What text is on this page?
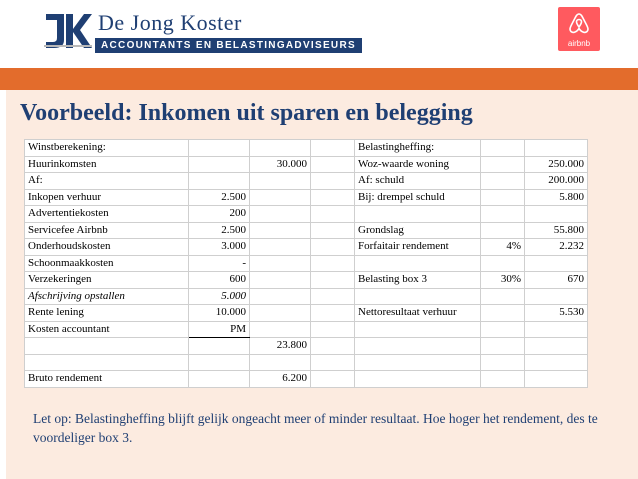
De Jong Koster
ACCOUNTANTS EN BELASTINGADVISEURS	airbnb
Voorbeeld: Inkomen uit sparen en belegging
Winstberekening:				Belastingheffing:		
Huurinkomsten		30.000		Woz-waarde woning		250.000
Af:				Af: schuld		200.000
Inkopen verhuur	2.500			Bij: drempel schuld		5.800
Advertentiekosten	200					
Servicefee Airbnb	2.500			Grondslag		55.800
Onderhoudskosten	3.000			Forfaitair rendement	4%	2.232
Schoonmaakkosten	-					
Verzekeringen	600			Belasting box 3	30%	670
Afschrijving opstallen	5.000					
Rente lening	10.000			Nettoresultaat verhuur		5.530
Kosten accountant	PM					
		23.800				

Bruto rendement		6.200				
Let op: Belastingheffing blijft gelijk ongeacht meer of minder resultaat. Hoe hoger het rendement, des te voordeliger box 3.
